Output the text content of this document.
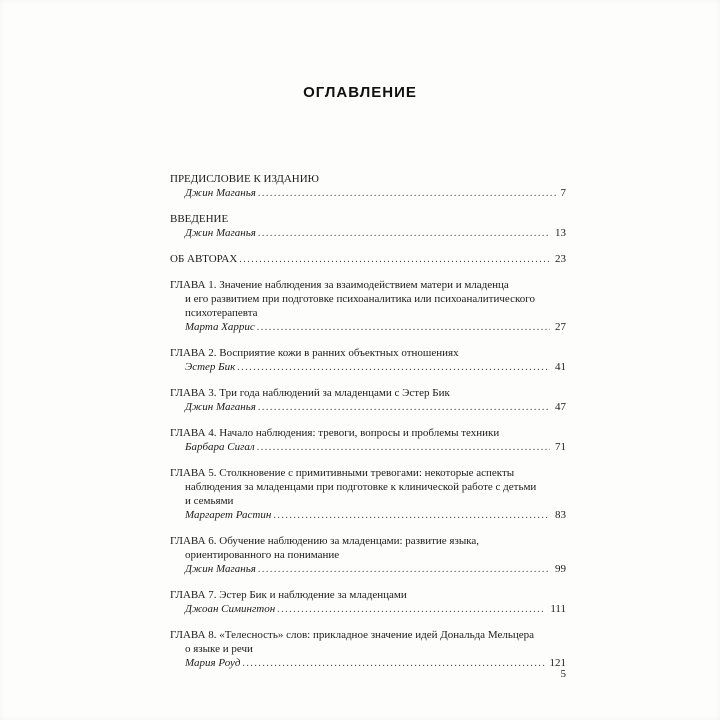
ОГЛАВЛЕНИЕ
ПРЕДИСЛОВИЕ К ИЗДАНИЮ
Джин Маганья .....	7
ВВЕДЕНИЕ
Джин Маганья .....	13
ОБ АВТОРАХ .....	23
ГЛАВА 1. Значение наблюдения за взаимодействием матери и младенца
и его развитием при подготовке психоаналитика или психоаналитического
психотерапевта
Марта Харрис .....	27
ГЛАВА 2. Восприятие кожи в ранних объектных отношениях
Эстер Бик .....	41
ГЛАВА 3. Три года наблюдений за младенцами с Эстер Бик
Джин Маганья .....	47
ГЛАВА 4. Начало наблюдения: тревоги, вопросы и проблемы техники
Барбара Сигал .....	71
ГЛАВА 5. Столкновение с примитивными тревогами: некоторые аспекты
наблюдения за младенцами при подготовке к клинической работе с детьми
и семьями
Маргарет Растин .....	83
ГЛАВА 6. Обучение наблюдению за младенцами: развитие языка,
ориентированного на понимание
Джин Маганья .....	99
ГЛАВА 7. Эстер Бик и наблюдение за младенцами
Джоан Симингтон .....	111
ГЛАВА 8. «Телесность» слов: прикладное значение идей Дональда Мельцера
о языке и речи
Мария Роуд .....	121
5
